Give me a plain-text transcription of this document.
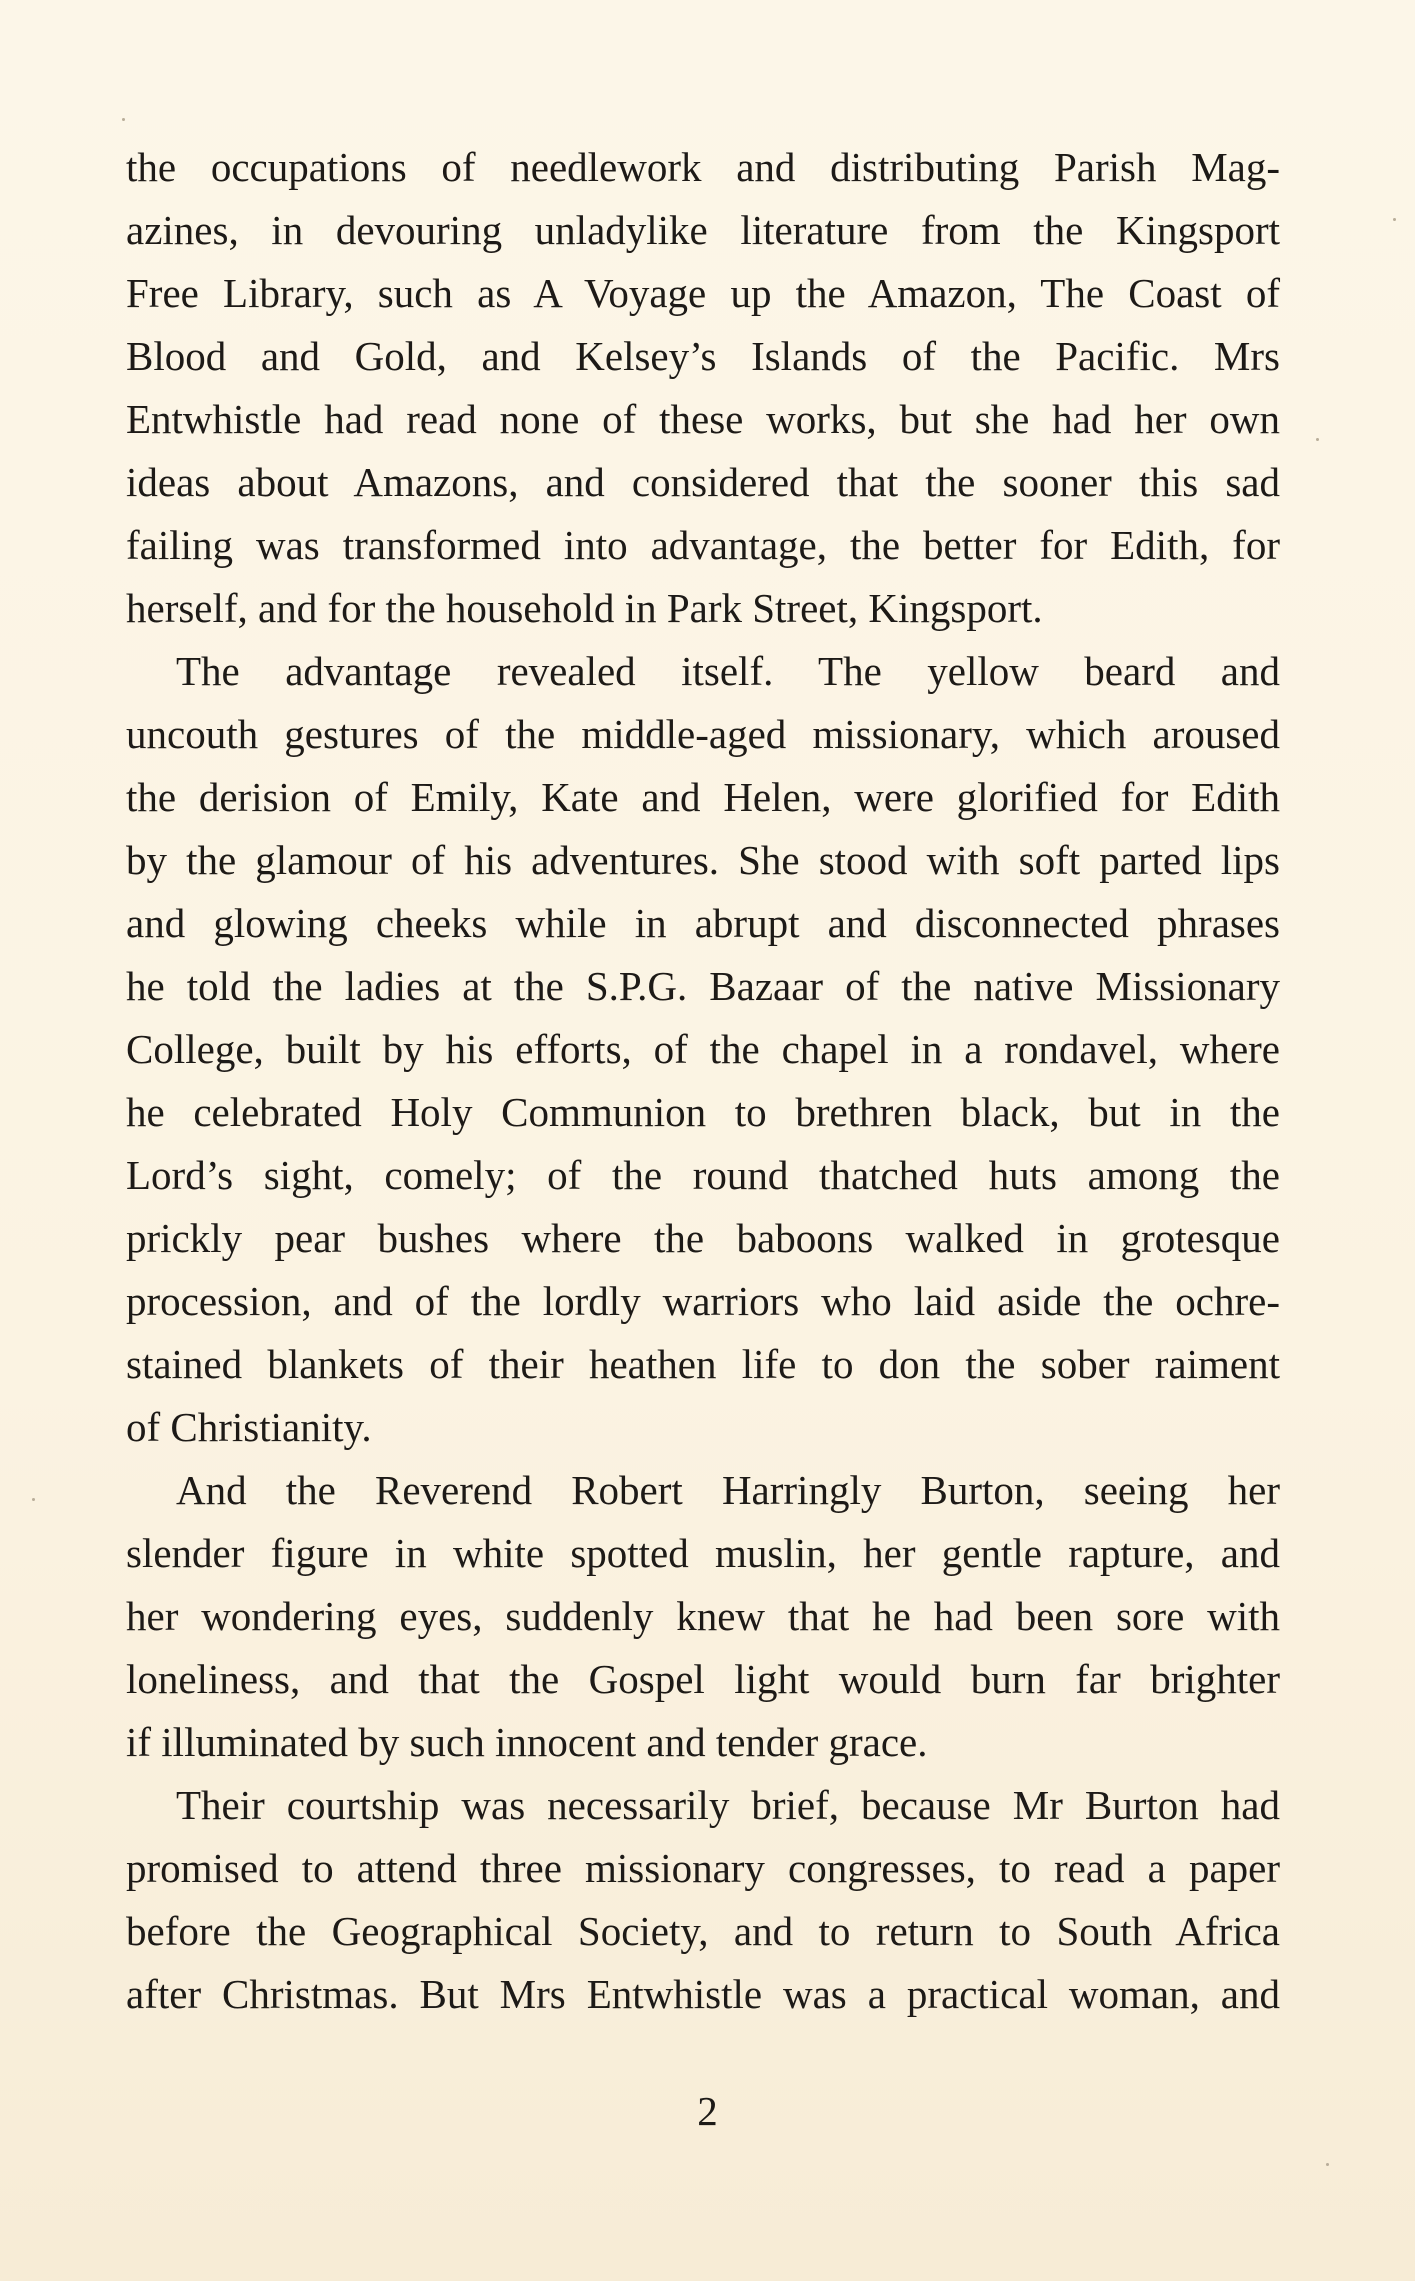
the occupations of needlework and distributing Parish Mag-
azines, in devouring unladylike literature from the Kingsport
Free Library, such as A Voyage up the Amazon, The Coast of
Blood and Gold, and Kelsey’s Islands of the Pacific. Mrs
Entwhistle had read none of these works, but she had her own
ideas about Amazons, and considered that the sooner this sad
failing was transformed into advantage, the better for Edith, for
herself, and for the household in Park Street, Kingsport.
The advantage revealed itself. The yellow beard and
uncouth gestures of the middle-aged missionary, which aroused
the derision of Emily, Kate and Helen, were glorified for Edith
by the glamour of his adventures. She stood with soft parted lips
and glowing cheeks while in abrupt and disconnected phrases
he told the ladies at the S.P.G. Bazaar of the native Missionary
College, built by his efforts, of the chapel in a rondavel, where
he celebrated Holy Communion to brethren black, but in the
Lord’s sight, comely; of the round thatched huts among the
prickly pear bushes where the baboons walked in grotesque
procession, and of the lordly warriors who laid aside the ochre-
stained blankets of their heathen life to don the sober raiment
of Christianity.
And the Reverend Robert Harringly Burton, seeing her
slender figure in white spotted muslin, her gentle rapture, and
her wondering eyes, suddenly knew that he had been sore with
loneliness, and that the Gospel light would burn far brighter
if illuminated by such innocent and tender grace.
Their courtship was necessarily brief, because Mr Burton had
promised to attend three missionary congresses, to read a paper
before the Geographical Society, and to return to South Africa
after Christmas. But Mrs Entwhistle was a practical woman, and
2
